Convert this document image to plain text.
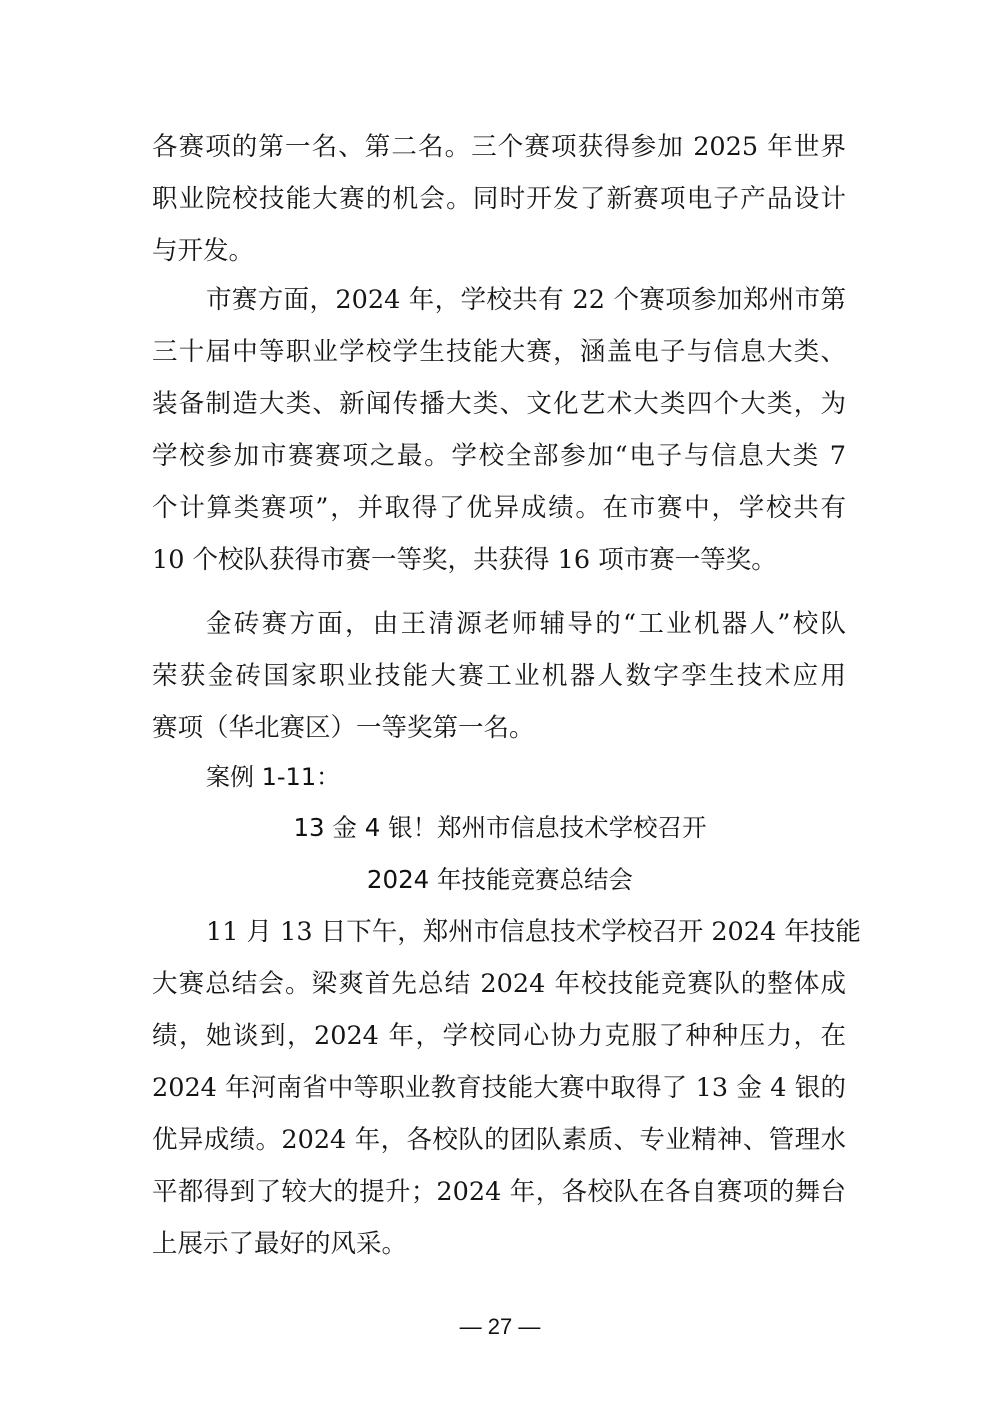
各赛项的第一名、第二名。三个赛项获得参加 2025 年世界
职业院校技能大赛的机会。同时开发了新赛项电子产品设计
与开发。
市赛方面，2024 年，学校共有 22 个赛项参加郑州市第
三十届中等职业学校学生技能大赛，涵盖电子与信息大类、
装备制造大类、新闻传播大类、文化艺术大类四个大类，为
学校参加市赛赛项之最。学校全部参加“电子与信息大类 7
个计算类赛项”，并取得了优异成绩。在市赛中，学校共有
10 个校队获得市赛一等奖，共获得 16 项市赛一等奖。
金砖赛方面，由王清源老师辅导的“工业机器人”校队
荣获金砖国家职业技能大赛工业机器人数字孪生技术应用
赛项（华北赛区）一等奖第一名。
案例 1-11：
13 金 4 银！郑州市信息技术学校召开
2024 年技能竞赛总结会
11 月 13 日下午，郑州市信息技术学校召开 2024 年技能
大赛总结会。梁爽首先总结 2024 年校技能竞赛队的整体成
绩，她谈到，2024 年，学校同心协力克服了种种压力，在
2024 年河南省中等职业教育技能大赛中取得了 13 金 4 银的
优异成绩。2024 年，各校队的团队素质、专业精神、管理水
平都得到了较大的提升；2024 年，各校队在各自赛项的舞台
上展示了最好的风采。
— 27 —
